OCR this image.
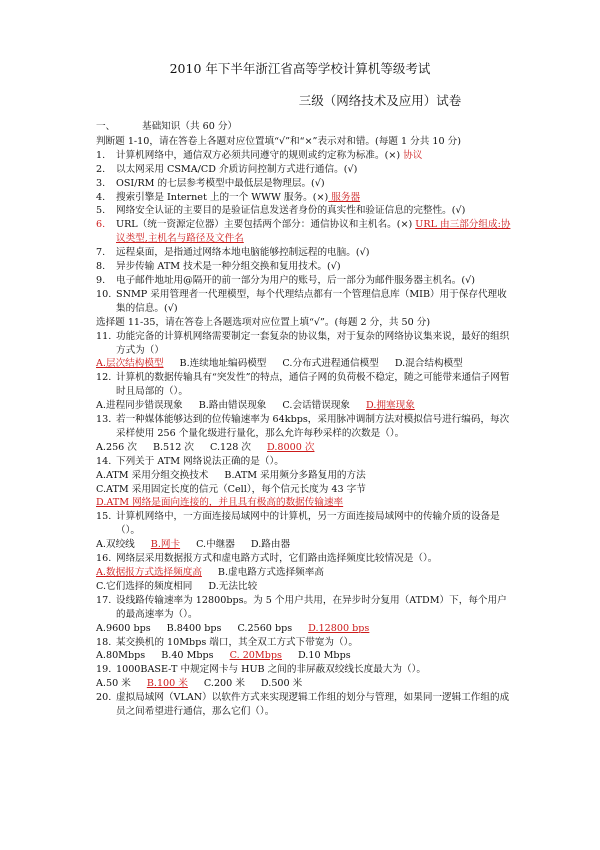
2010 年下半年浙江省高等学校计算机等级考试
三级（网络技术及应用）试卷
一、	基础知识（共 60 分）
判断题 1-10，请在答卷上各题对应位置填“√”和“×”表示对和错。(每题 1 分共 10 分)
1.	计算机网络中，通信双方必须共同遵守的规则或约定称为标准。(×) 协议
2.	以太网采用 CSMA/CD 介质访问控制方式进行通信。(√)
3.	OSI/RM 的七层参考模型中最低层是物理层。(√)
4.	搜索引擎是 Internet 上的一个 WWW 服务。(×) 服务器
5.	网络安全认证的主要目的是验证信息发送者身份的真实性和验证信息的完整性。(√)
6.	URL（统一资源定位器）主要包括两个部分：通信协议和主机名。(×) URL 由三部分组成:协议类型,主机名与路径及文件名
7.	远程桌面，是指通过网络本地电脑能够控制远程的电脑。(√)
8.	异步传输 ATM 技术是一种分组交换和复用技术。(√)
9.	电子邮件地址用@隔开的前一部分为用户的账号，后一部分为邮件服务器主机名。(√)
10. SNMP 采用管理者一代理模型，每个代理结点都有一个管理信息库（MIB）用于保存代理收集的信息。(√)
选择题 11-35，请在答卷上各题选项对应位置上填“√”。(每题 2 分，共 50 分)
11. 功能完备的计算机网络需要制定一套复杂的协议集，对于复杂的网络协议集来说，最好的组织方式为（）
A.层次结构模型 B.连续地址编码模型 C.分布式进程通信模型 D.混合结构模型
12. 计算机的数据传输具有“突发性”的特点，通信子网的负荷极不稳定，随之可能带来通信子网暂时且局部的（）。
A.进程同步错误现象 B.路由错误现象 C.会话错误现象 D.拥塞现象
13. 若一种媒体能够达到的位传输速率为 64kbps，采用脉冲调制方法对模拟信号进行编码，每次采样使用 256 个量化级进行量化，那么允许每秒采样的次数是（）。
A.256 次 B.512 次 C.128 次 D.8000 次
14. 下列关于 ATM 网络说法正确的是（）。
A.ATM 采用分组交换技术 B.ATM 采用频分多路复用的方法
C.ATM 采用固定长度的信元（Cell），每个信元长度为 43 字节
D.ATM 网络是面向连接的，并且具有极高的数据传输速率
15. 计算机网络中，一方面连接局域网中的计算机，另一方面连接局域网中的传输介质的设备是（）。
A.双绞线 B.网卡 C.中继器 D.路由器
16. 网络层采用数据报方式和虚电路方式时，它们路由选择频度比较情况是（）。
A.数据报方式选择频度高 B.虚电路方式选择频率高
C.它们选择的频度相同 D.无法比较
17. 设线路传输速率为 12800bps。为 5 个用户共用，在异步时分复用（ATDM）下，每个用户的最高速率为（）。
A.9600 bps B.8400 bps C.2560 bps D.12800 bps
18. 某交换机的 10Mbps 端口，其全双工方式下带宽为（）。
A.80Mbps B.40 Mbps C. 20Mbps D.10 Mbps
19. 1000BASE-T 中规定网卡与 HUB 之间的非屏蔽双绞线长度最大为（）。
A.50 米 B.100 米 C.200 米 D.500 米
20. 虚拟局域网（VLAN）以软件方式来实现逻辑工作组的划分与管理，如果同一逻辑工作组的成员之间希望进行通信，那么它们（）。
